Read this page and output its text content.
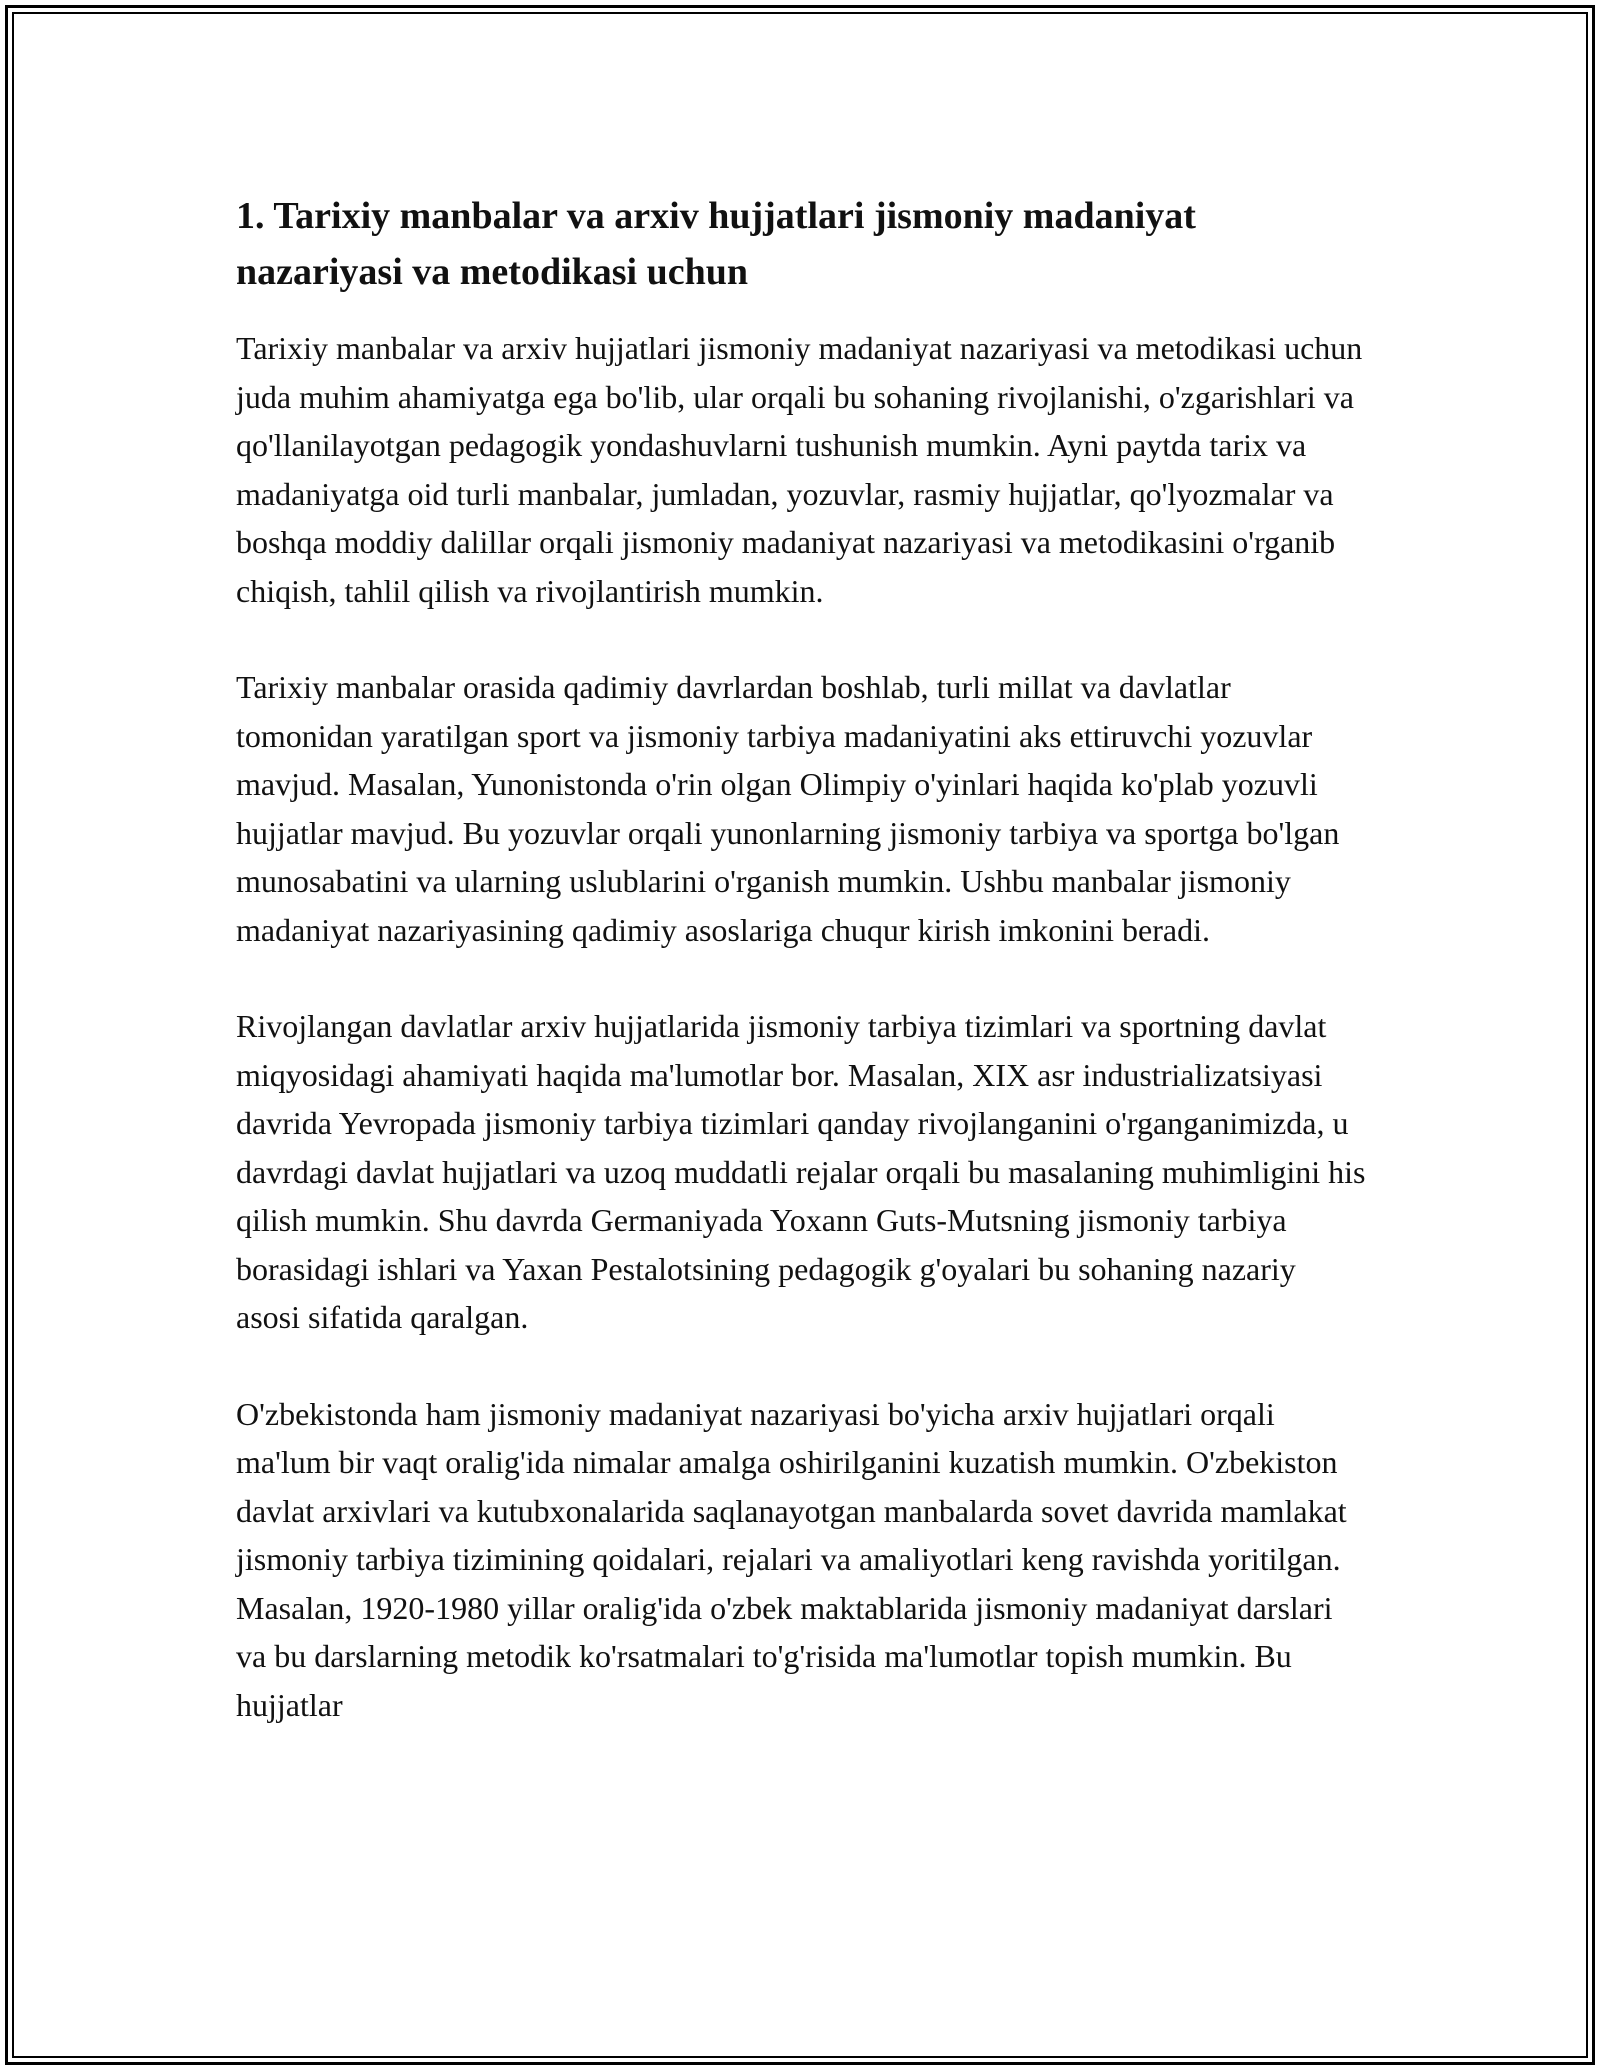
1. Tarixiy manbalar va arxiv hujjatlari jismoniy madaniyat nazariyasi va metodikasi uchun

Tarixiy manbalar va arxiv hujjatlari jismoniy madaniyat nazariyasi va metodikasi uchun juda muhim ahamiyatga ega bo'lib, ular orqali bu sohaning rivojlanishi, o'zgarishlari va qo'llanilayotgan pedagogik yondashuvlarni tushunish mumkin. Ayni paytda tarix va madaniyatga oid turli manbalar, jumladan, yozuvlar, rasmiy hujjatlar, qo'lyozmalar va boshqa moddiy dalillar orqali jismoniy madaniyat nazariyasi va metodikasini o'rganib chiqish, tahlil qilish va rivojlantirish mumkin.

Tarixiy manbalar orasida qadimiy davrlardan boshlab, turli millat va davlatlar tomonidan yaratilgan sport va jismoniy tarbiya madaniyatini aks ettiruvchi yozuvlar mavjud. Masalan, Yunonistonda o'rin olgan Olimpiy o'yinlari haqida ko'plab yozuvli hujjatlar mavjud. Bu yozuvlar orqali yunonlarning jismoniy tarbiya va sportga bo'lgan munosabatini va ularning uslublarini o'rganish mumkin. Ushbu manbalar jismoniy madaniyat nazariyasining qadimiy asoslariga chuqur kirish imkonini beradi.

Rivojlangan davlatlar arxiv hujjatlarida jismoniy tarbiya tizimlari va sportning davlat miqyosidagi ahamiyati haqida ma'lumotlar bor. Masalan, XIX asr industrializatsiyasi davrida Yevropada jismoniy tarbiya tizimlari qanday rivojlanganini o'rganganimizda, u davrdagi davlat hujjatlari va uzoq muddatli rejalar orqali bu masalaning muhimligini his qilish mumkin. Shu davrda Germaniyada Yoxann Guts-Mutsning jismoniy tarbiya borasidagi ishlari va Yaxan Pestalotsining pedagogik g'oyalari bu sohaning nazariy asosi sifatida qaralgan.

O'zbekistonda ham jismoniy madaniyat nazariyasi bo'yicha arxiv hujjatlari orqali ma'lum bir vaqt oralig'ida nimalar amalga oshirilganini kuzatish mumkin. O'zbekiston davlat arxivlari va kutubxonalarida saqlanayotgan manbalarda sovet davrida mamlakat jismoniy tarbiya tizimining qoidalari, rejalari va amaliyotlari keng ravishda yoritilgan. Masalan, 1920-1980 yillar oralig'ida o'zbek maktablarida jismoniy madaniyat darslari va bu darslarning metodik ko'rsatmalari to'g'risida ma'lumotlar topish mumkin. Bu hujjatlar
